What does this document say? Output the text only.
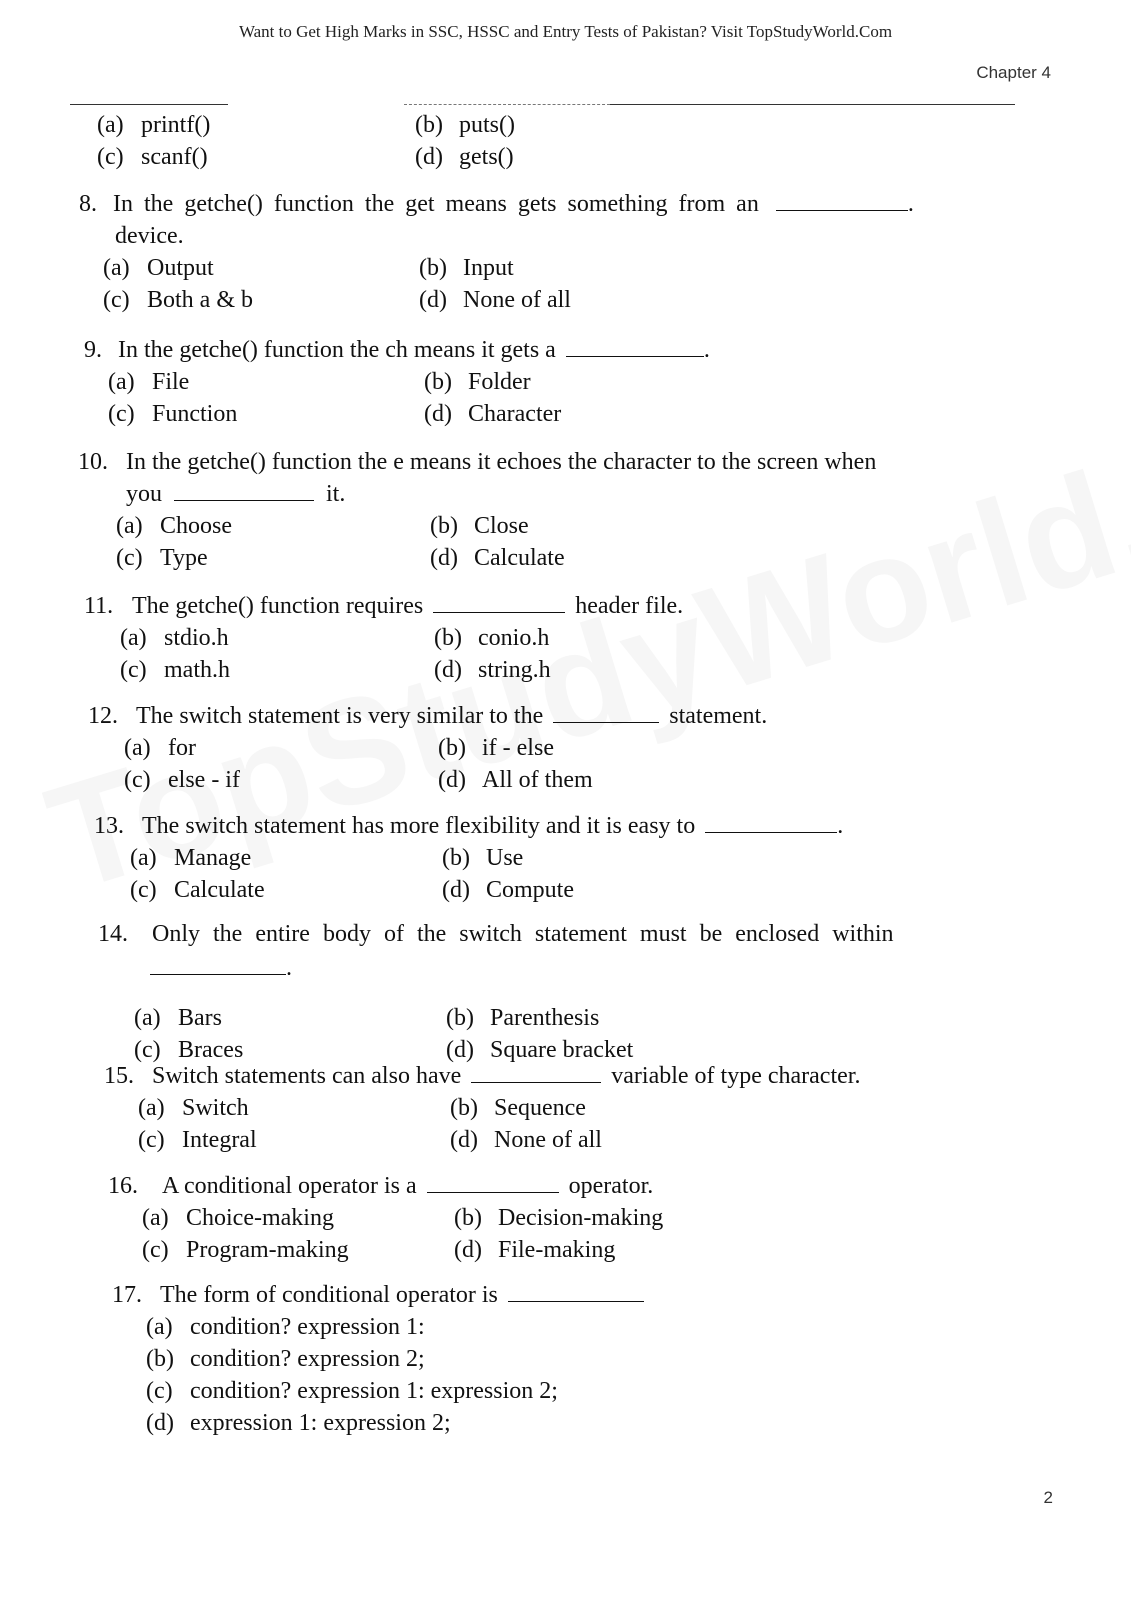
Want to Get High Marks in SSC, HSSC and Entry Tests of Pakistan? Visit TopStudyWorld.Com
Chapter 4
(a) printf()	(b) puts()
(c) scanf()	(d) gets()
8. In the getche() function the get means gets something from an	.
device.
(a) Output	(b) Input
(c) Both a & b	(d) None of all
9. In the getche() function the ch means it gets a	.
(a) File	(b) Folder
(c) Function	(d) Character
10. In the getche() function the e means it echoes the character to the screen when
you	it.
(a) Choose	(b) Close
(c) Type	(d) Calculate
11. The getche() function requires	header file.
(a) stdio.h	(b) conio.h
(c) math.h	(d) string.h
12. The switch statement is very similar to the	statement.
(a) for	(b) if - else
(c) else - if	(d) All of them
13. The switch statement has more flexibility and it is easy to	.
(a) Manage	(b) Use
(c) Calculate	(d) Compute
14. Only the entire body of the switch statement must be enclosed within
.
(a) Bars	(b) Parenthesis
(c) Braces	(d) Square bracket
15. Switch statements can also have	variable of type character.
(a) Switch	(b) Sequence
(c) Integral	(d) None of all
16. A conditional operator is a	operator.
(a) Choice-making	(b) Decision-making
(c) Program-making	(d) File-making
17. The form of conditional operator is
(a) condition? expression 1:
(b) condition? expression 2;
(c) condition? expression 1: expression 2;
(d) expression 1: expression 2;
2
